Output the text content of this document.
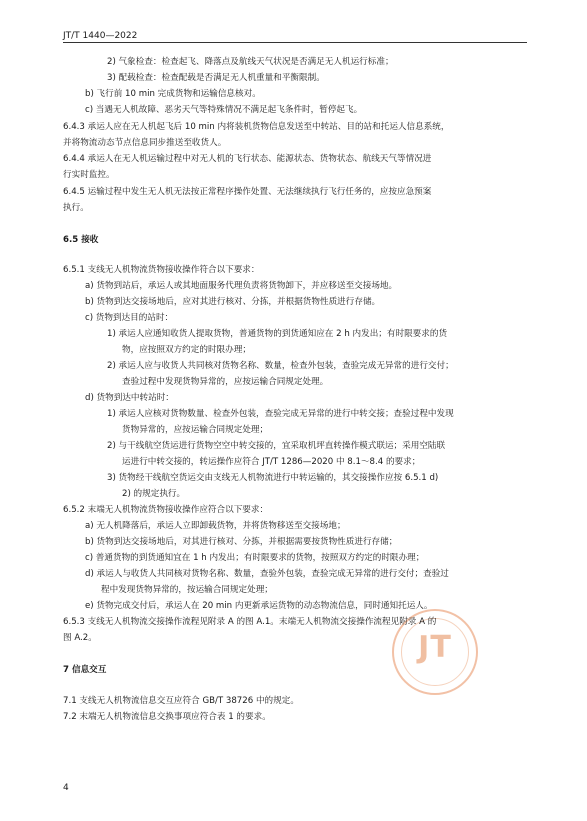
JT/T 1440—2022
JT
2) 气象检查：检查起飞、降落点及航线天气状况是否满足无人机运行标准；
3) 配载检查：检查配载是否满足无人机重量和平衡限制。
b) 飞行前 10 min 完成货物和运输信息核对。
c) 当遇无人机故障、恶劣天气等特殊情况不满足起飞条件时，暂停起飞。
6.4.3 承运人应在无人机起飞后 10 min 内将装机货物信息发送至中转站、目的站和托运人信息系统，
并将物流动态节点信息同步推送至收货人。
6.4.4 承运人在无人机运输过程中对无人机的飞行状态、能源状态、货物状态、航线天气等情况进
行实时监控。
6.4.5 运输过程中发生无人机无法按正常程序操作处置、无法继续执行飞行任务的，应按应急预案
执行。
6.5 接收
6.5.1 支线无人机物流货物接收操作符合以下要求：
a) 货物到站后，承运人或其地面服务代理负责将货物卸下，并应移送至交接场地。
b) 货物到达交接场地后，应对其进行核对、分拣，并根据货物性质进行存储。
c) 货物到达目的站时：
1) 承运人应通知收货人提取货物，普通货物的到货通知应在 2 h 内发出；有时限要求的货
物，应按照双方约定的时限办理；
2) 承运人应与收货人共同核对货物名称、数量，检查外包装，查验完成无异常的进行交付；
查验过程中发现货物异常的，应按运输合同规定处理。
d) 货物到达中转站时：
1) 承运人应核对货物数量、检查外包装，查验完成无异常的进行中转交接；查验过程中发现
货物异常的，应按运输合同规定处理；
2) 与干线航空货运进行货物空空中转交接的，宜采取机坪直转操作模式联运；采用空陆联
运进行中转交接的，转运操作应符合 JT/T 1286—2020 中 8.1～8.4 的要求；
3) 货物经干线航空货运交由支线无人机物流进行中转运输的，其交接操作应按 6.5.1 d)
2) 的规定执行。
6.5.2 末端无人机物流货物接收操作应符合以下要求：
a) 无人机降落后，承运人立即卸载货物，并将货物移送至交接场地；
b) 货物到达交接场地后，对其进行核对、分拣，并根据需要按货物性质进行存储；
c) 普通货物的到货通知宜在 1 h 内发出；有时限要求的货物，按照双方约定的时限办理；
d) 承运人与收货人共同核对货物名称、数量，查验外包装，查验完成无异常的进行交付；查验过
程中发现货物异常的，按运输合同规定处理；
e) 货物完成交付后，承运人在 20 min 内更新承运货物的动态物流信息，同时通知托运人。
6.5.3 支线无人机物流交接操作流程见附录 A 的图 A.1。末端无人机物流交接操作流程见附录 A 的
图 A.2。
7 信息交互
7.1 支线无人机物流信息交互应符合 GB/T 38726 中的规定。
7.2 末端无人机物流信息交换事项应符合表 1 的要求。
4
